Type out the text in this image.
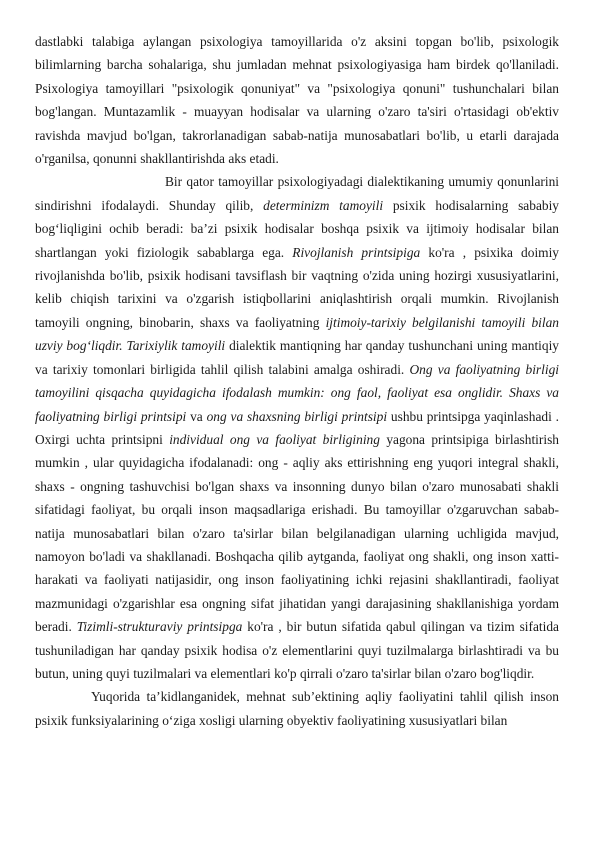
dastlabki talabiga aylangan psixologiya tamoyillarida o'z aksini topgan bo'lib, psixologik bilimlarning barcha sohalariga, shu jumladan mehnat psixologiyasiga ham birdek qo'llaniladi. Psixologiya tamoyillari "psixologik qonuniyat" va "psixologiya qonuni" tushunchalari bilan bog'langan. Muntazamlik - muayyan hodisalar va ularning o'zaro ta'siri o'rtasidagi ob'ektiv ravishda mavjud bo'lgan, takrorlanadigan sabab-natija munosabatlari bo'lib, u etarli darajada o'rganilsa, qonunni shakllantirishda aks etadi.

Bir qator tamoyillar psixologiyadagi dialektikaning umumiy qonunlarini sindirishni ifodalaydi. Shunday qilib, determinizm tamoyili psixik hodisalarning sababiy bog‘liqligini ochib beradi: ba’zi psixik hodisalar boshqa psixik va ijtimoiy hodisalar bilan shartlangan yoki fiziologik sabablarga ega. Rivojlanish printsipiga ko'ra , psixika doimiy rivojlanishda bo'lib, psixik hodisani tavsiflash bir vaqtning o'zida uning hozirgi xususiyatlarini, kelib chiqish tarixini va o'zgarish istiqbollarini aniqlashtirish orqali mumkin. Rivojlanish tamoyili ongning, binobarin, shaxs va faoliyatning ijtimoiy-tarixiy belgilanishi tamoyili bilan uzviy bog‘liqdir. Tarixiylik tamoyili dialektik mantiqning har qanday tushunchani uning mantiqiy va tarixiy tomonlari birligida tahlil qilish talabini amalga oshiradi. Ong va faoliyatning birligi tamoyilini qisqacha quyidagicha ifodalash mumkin: ong faol, faoliyat esa onglidir. Shaxs va faoliyatning birligi printsipi va ong va shaxsning birligi printsipi ushbu printsipga yaqinlashadi . Oxirgi uchta printsipni individual ong va faoliyat birligining yagona printsipiga birlashtirish mumkin , ular quyidagicha ifodalanadi: ong - aqliy aks ettirishning eng yuqori integral shakli, shaxs - ongning tashuvchisi bo'lgan shaxs va insonning dunyo bilan o'zaro munosabati shakli sifatidagi faoliyat, bu orqali inson maqsadlariga erishadi. Bu tamoyillar o'zgaruvchan sabab-natija munosabatlari bilan o'zaro ta'sirlar bilan belgilanadigan ularning uchligida mavjud, namoyon bo'ladi va shakllanadi. Boshqacha qilib aytganda, faoliyat ong shakli, ong inson xatti-harakati va faoliyati natijasidir, ong inson faoliyatining ichki rejasini shakllantiradi, faoliyat mazmunidagi o'zgarishlar esa ongning sifat jihatidan yangi darajasining shakllanishiga yordam beradi. Tizimli-strukturaviy printsipga ko'ra , bir butun sifatida qabul qilingan va tizim sifatida tushuniladigan har qanday psixik hodisa o'z elementlarini quyi tuzilmalarga birlashtiradi va bu butun, uning quyi tuzilmalari va elementlari ko'p qirrali o'zaro ta'sirlar bilan o'zaro bog'liqdir.

Yuqorida ta’kidlanganidek, mehnat sub’ektining aqliy faoliyatini tahlil qilish inson psixik funksiyalarining o‘ziga xosligi ularning obyektiv faoliyatining xususiyatlari bilan
